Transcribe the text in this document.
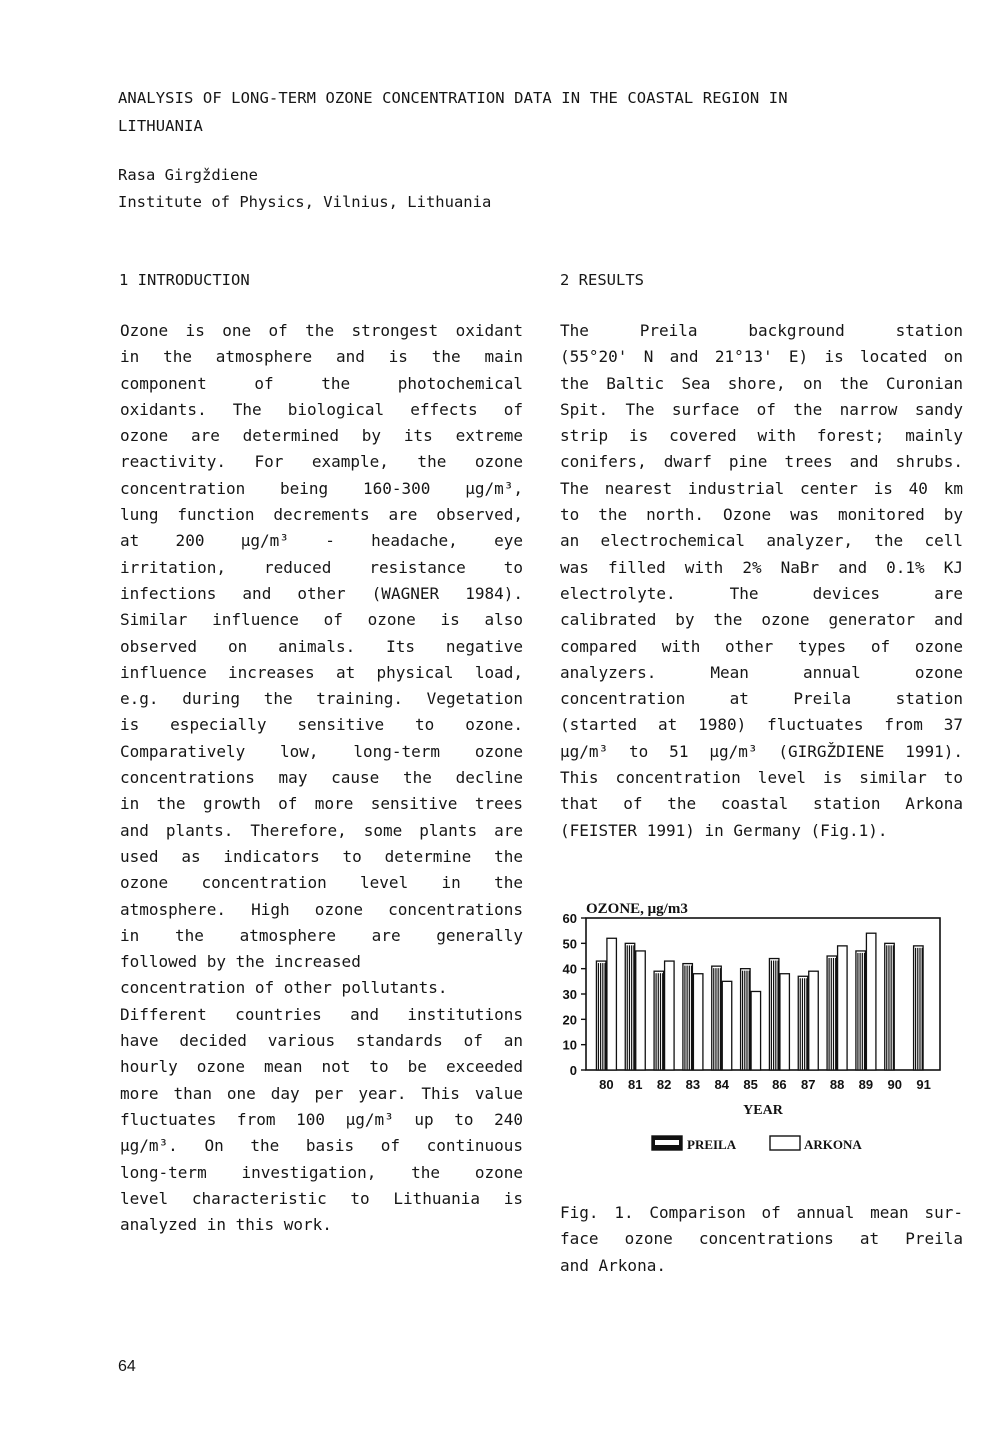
ANALYSIS OF LONG-TERM OZONE CONCENTRATION DATA IN THE COASTAL REGION IN
LITHUANIA
Rasa Girgždiene
Institute of Physics, Vilnius, Lithuania
1 INTRODUCTION	2 RESULTS
Ozone is one of the strongest oxidant
in the atmosphere and is the main
component of the photochemical
oxidants. The biological effects of
ozone are determined by its extreme
reactivity. For example, the ozone
concentration being 160-300 μg/m³,
lung function decrements are observed,
at 200 μg/m³ - headache, eye
irritation, reduced resistance to
infections and other (WAGNER 1984).
Similar influence of ozone is also
observed on animals. Its negative
influence increases at physical load,
e.g. during the training. Vegetation
is especially sensitive to ozone.
Comparatively low, long-term ozone
concentrations may cause the decline
in the growth of more sensitive trees
and plants. Therefore, some plants are
used as indicators to determine the
ozone concentration level in the
atmosphere. High ozone concentrations
in the atmosphere are generally
followed by the increased
concentration of other pollutants.
Different countries and institutions
have decided various standards of an
hourly ozone mean not to be exceeded
more than one day per year. This value
fluctuates from 100 μg/m³ up to 240
μg/m³. On the basis of continuous
long-term investigation, the ozone
level characteristic to Lithuania is
analyzed in this work.
The Preila background station
(55°20' N and 21°13' E) is located on
the Baltic Sea shore, on the Curonian
Spit. The surface of the narrow sandy
strip is covered with forest; mainly
conifers, dwarf pine trees and shrubs.
The nearest industrial center is 40 km
to the north. Ozone was monitored by
an electrochemical analyzer, the cell
was filled with 2% NaBr and 0.1% KJ
electrolyte. The devices are
calibrated by the ozone generator and
compared with other types of ozone
analyzers. Mean annual ozone
concentration at Preila station
(started at 1980) fluctuates from 37
μg/m³ to 51 μg/m³ (GIRGŽDIENE 1991).
This concentration level is similar to
that of the coastal station Arkona
(FEISTER 1991) in Germany (Fig.1).
OZONE, μg/m3
0
10
20
30
40
50
60
80 81 82 83 84 85 86 87 88 89 90 91
YEAR
PREILA	ARKONA
Fig. 1. Comparison of annual mean sur-
face ozone concentrations at Preila
and Arkona.
64
